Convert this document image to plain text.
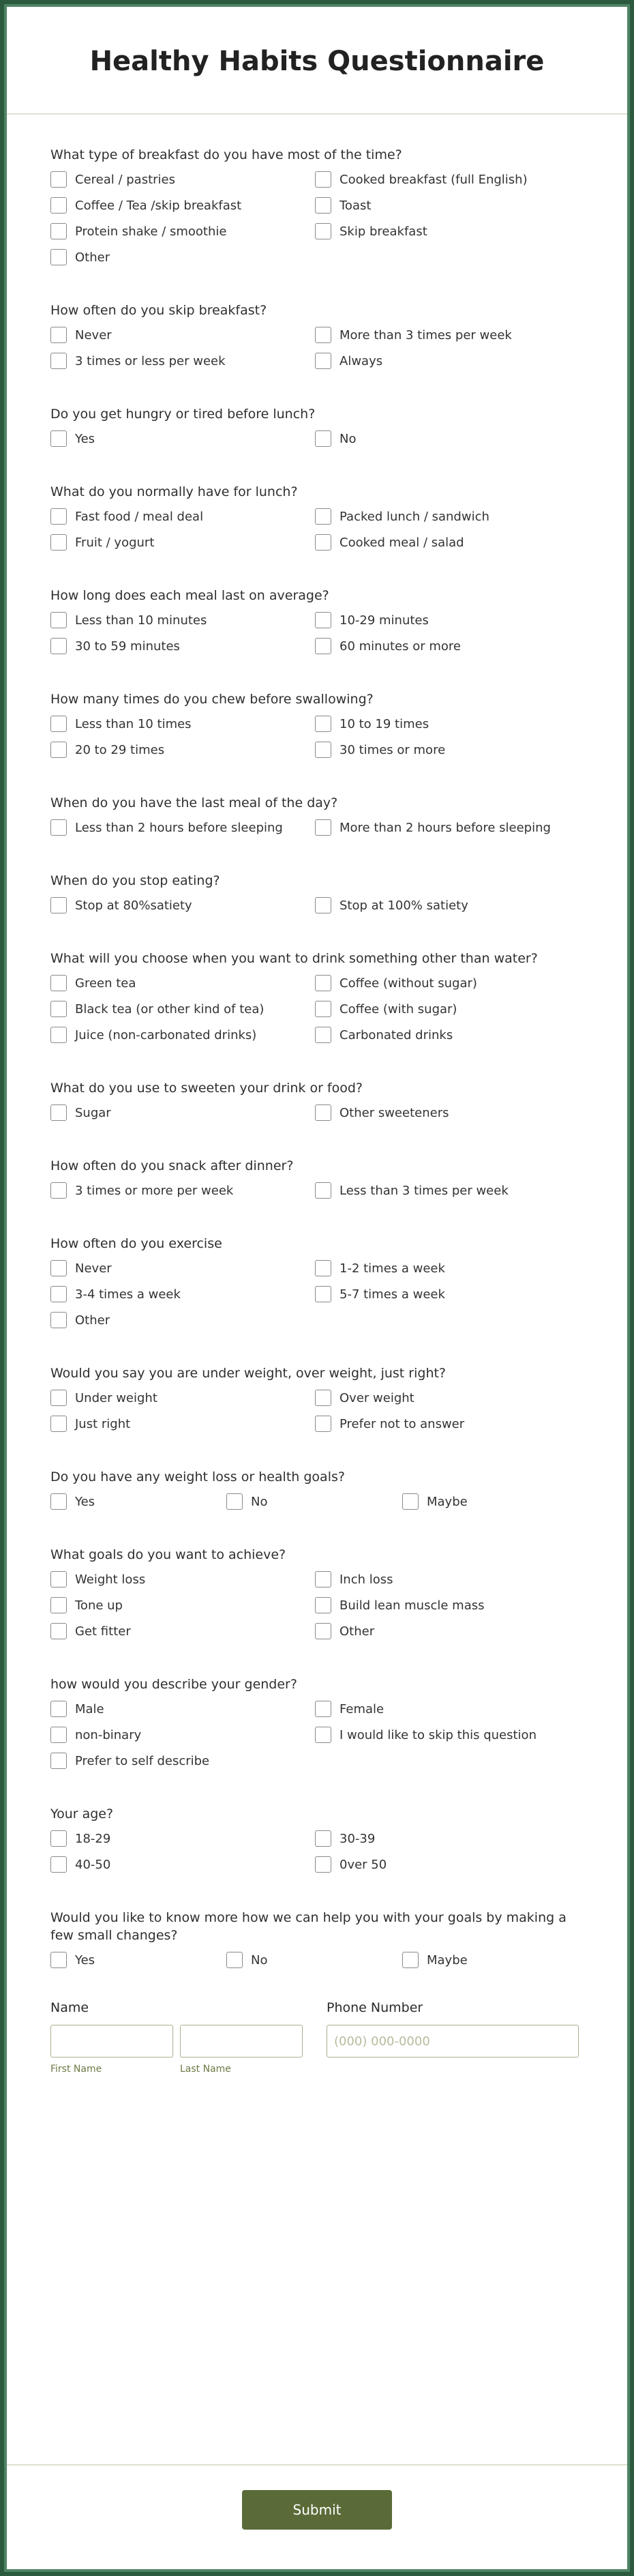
Healthy Habits Questionnaire
What type of breakfast do you have most of the time?
Cereal / pastries	Cooked breakfast (full English)
Coffee / Tea /skip breakfast	Toast
Protein shake / smoothie	Skip breakfast
Other
How often do you skip breakfast?
Never	More than 3 times per week
3 times or less per week	Always
Do you get hungry or tired before lunch?
Yes	No
What do you normally have for lunch?
Fast food / meal deal	Packed lunch / sandwich
Fruit / yogurt	Cooked meal / salad
How long does each meal last on average?
Less than 10 minutes	10-29 minutes
30 to 59 minutes	60 minutes or more
How many times do you chew before swallowing?
Less than 10 times	10 to 19 times
20 to 29 times	30 times or more
When do you have the last meal of the day?
Less than 2 hours before sleeping	More than 2 hours before sleeping
When do you stop eating?
Stop at 80%satiety	Stop at 100% satiety
What will you choose when you want to drink something other than water?
Green tea	Coffee (without sugar)
Black tea (or other kind of tea)	Coffee (with sugar)
Juice (non-carbonated drinks)	Carbonated drinks
What do you use to sweeten your drink or food?
Sugar	Other sweeteners
How often do you snack after dinner?
3 times or more per week	Less than 3 times per week
How often do you exercise
Never	1-2 times a week
3-4 times a week	5-7 times a week
Other
Would you say you are under weight, over weight, just right?
Under weight	Over weight
Just right	Prefer not to answer
Do you have any weight loss or health goals?
Yes	No	Maybe
What goals do you want to achieve?
Weight loss	Inch loss
Tone up	Build lean muscle mass
Get fitter	Other
how would you describe your gender?
Male	Female
non-binary	I would like to skip this question
Prefer to self describe
Your age?
18-29	30-39
40-50	0ver 50
Would you like to know more how we can help you with your goals by making a few small changes?
Yes	No	Maybe
Name
First Name	Last Name
Phone Number
(000) 000-0000
Submit
